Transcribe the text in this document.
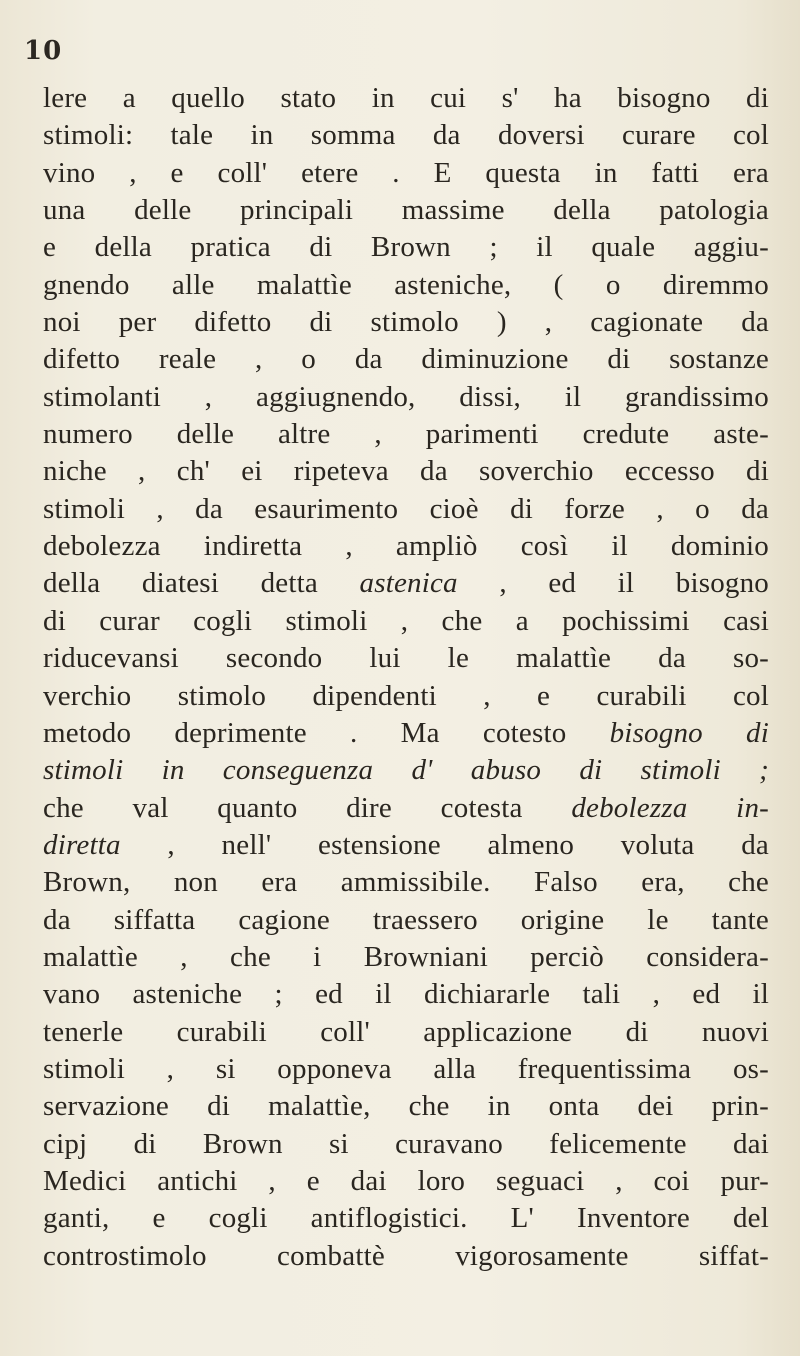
10
lere a quello stato in cui s' ha bisogno di
stimoli: tale in somma da doversi curare col
vino , e coll' etere . E questa in fatti era
una delle principali massime della patologia
e della pratica di Brown ; il quale aggiu-
gnendo alle malattìe asteniche, ( o diremmo
noi per difetto di stimolo ) , cagionate da
difetto reale , o da diminuzione di sostanze
stimolanti , aggiugnendo, dissi, il grandissimo
numero delle altre , parimenti credute aste-
niche , ch' ei ripeteva da soverchio eccesso di
stimoli , da esaurimento cioè di forze , o da
debolezza indiretta , ampliò così il dominio
della diatesi detta astenica , ed il bisogno
di curar cogli stimoli , che a pochissimi casi
riducevansi secondo lui le malattìe da so-
verchio stimolo dipendenti , e curabili col
metodo deprimente . Ma cotesto bisogno di
stimoli in conseguenza d' abuso di stimoli ;
che val quanto dire cotesta debolezza in-
diretta , nell' estensione almeno voluta da
Brown, non era ammissibile. Falso era, che
da siffatta cagione traessero origine le tante
malattìe , che i Browniani perciò considera-
vano asteniche ; ed il dichiararle tali , ed il
tenerle curabili coll' applicazione di nuovi
stimoli , si opponeva alla frequentissima os-
servazione di malattìe, che in onta dei prin-
cipj di Brown si curavano felicemente dai
Medici antichi , e dai loro seguaci , coi pur-
ganti, e cogli antiflogistici. L' Inventore del
controstimolo combattè vigorosamente siffat-
